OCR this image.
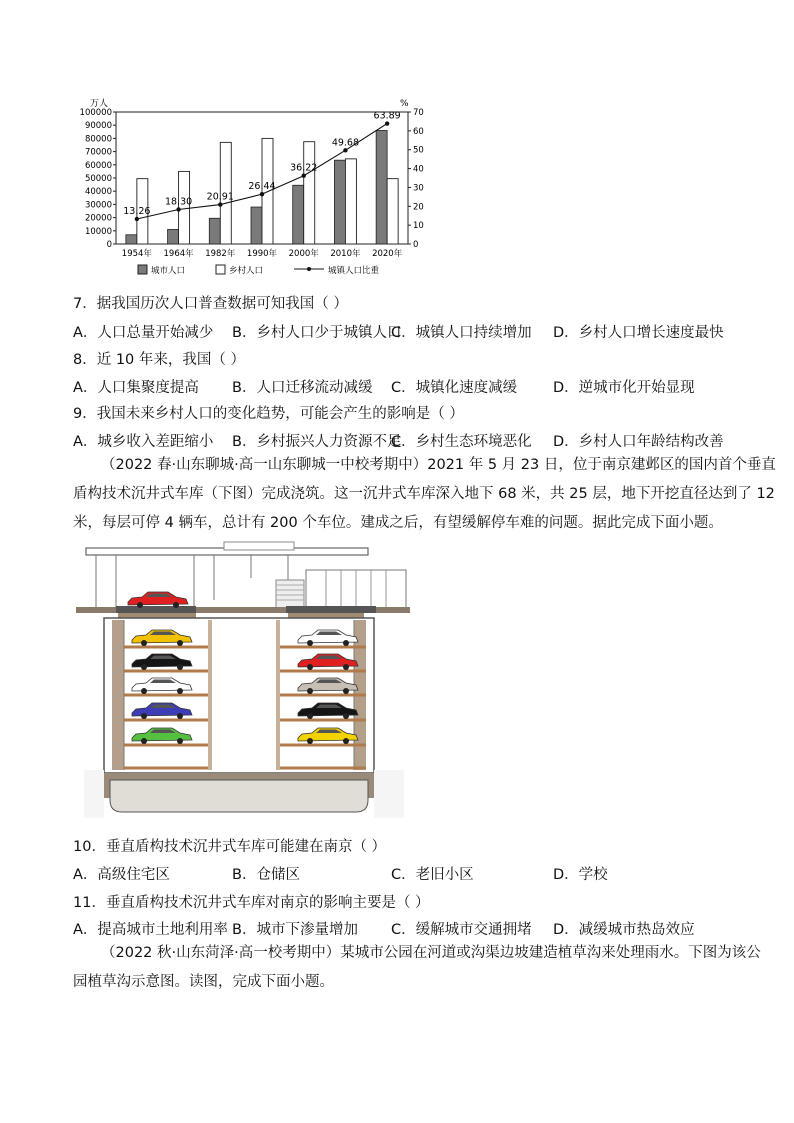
万人	%
0
10000
20000
30000
40000
50000
60000
70000
80000
90000
100000
0
10
20
30
40
50
60
70
1954年 1964年 1982年 1990年 2000年 2010年 2020年
13.26
18.30 20.91
26.44
36.22
49.68
63.89
城市人口	乡村人口	城镇人口比重
7．据我国历次人口普查数据可知我国（ ）
A．人口总量开始减少 B．乡村人口少于城镇人口
C．城镇人口持续增加 D．乡村人口增长速度最快
8．近 10 年来，我国（ ）
A．人口集聚度提高 B．人口迁移流动减缓 C．城镇化速度减缓 D．逆城市化开始显现
9．我国未来乡村人口的变化趋势，可能会产生的影响是（ ）
A．城乡收入差距缩小 B．乡村振兴人力资源不足
C．乡村生态环境恶化 D．乡村人口年龄结构改善
（2022 春·山东聊城·高一山东聊城一中校考期中）2021 年 5 月 23 日，位于南京建邺区的国内首个垂直
盾构技术沉井式车库（下图）完成浇筑。这一沉井式车库深入地下 68 米，共 25 层，地下开挖直径达到了 12
米，每层可停 4 辆车，总计有 200 个车位。建成之后，有望缓解停车难的问题。据此完成下面小题。
10．垂直盾构技术沉井式车库可能建在南京（ ）
A．高级住宅区	B．仓储区	C．老旧小区	D．学校
11．垂直盾构技术沉井式车库对南京的影响主要是（ ）
A．提高城市土地利用率 B．城市下渗量增加 C．缓解城市交通拥堵 D．减缓城市热岛效应
（2022 秋·山东菏泽·高一校考期中）某城市公园在河道或沟渠边坡建造植草沟来处理雨水。下图为该公
园植草沟示意图。读图，完成下面小题。
